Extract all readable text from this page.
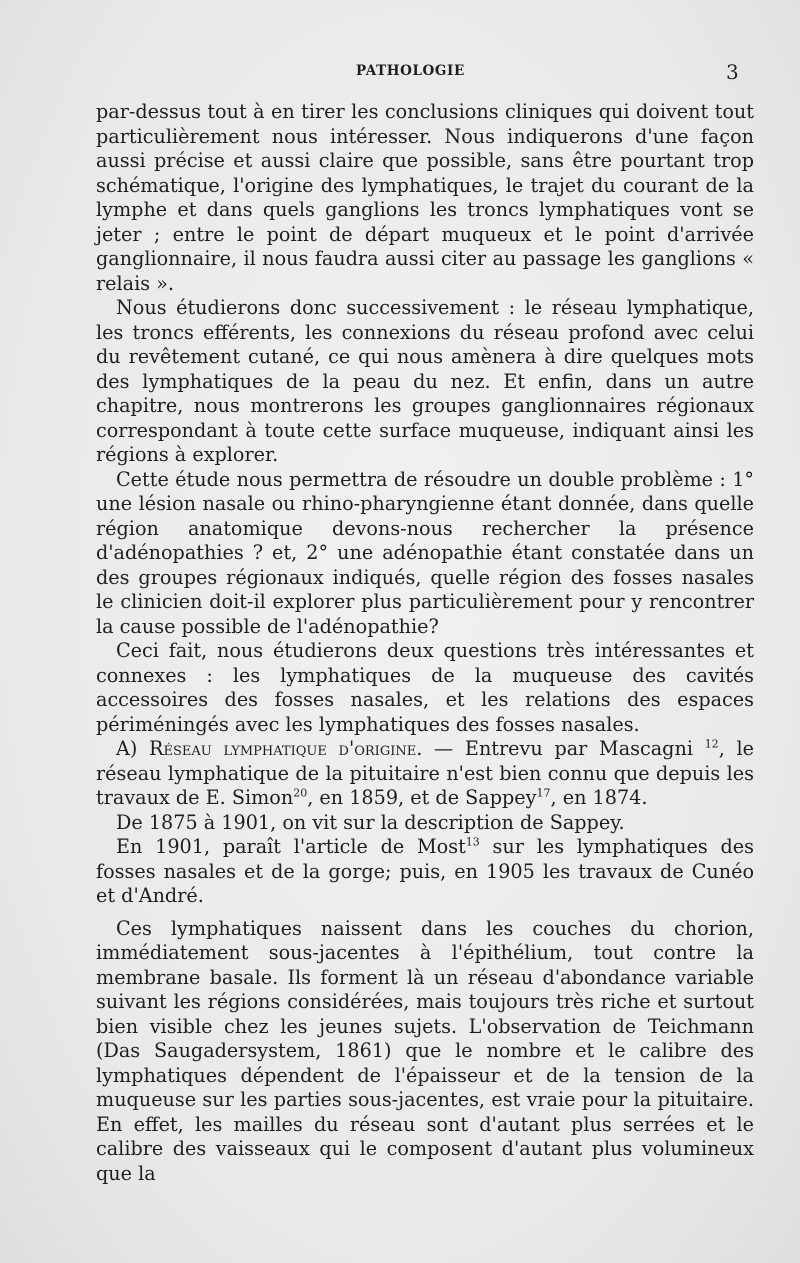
PATHOLOGIE	3

par-dessus tout à en tirer les conclusions cliniques qui doivent tout particulièrement nous intéresser. Nous indiquerons d'une façon aussi précise et aussi claire que possible, sans être pourtant trop schématique, l'origine des lymphatiques, le trajet du courant de la lymphe et dans quels ganglions les troncs lymphatiques vont se jeter ; entre le point de départ muqueux et le point d'arrivée ganglionnaire, il nous faudra aussi citer au passage les ganglions « relais ».

Nous étudierons donc successivement : le réseau lymphatique, les troncs efférents, les connexions du réseau profond avec celui du revêtement cutané, ce qui nous amènera à dire quelques mots des lymphatiques de la peau du nez. Et enfin, dans un autre chapitre, nous montrerons les groupes ganglionnaires régionaux correspondant à toute cette surface muqueuse, indiquant ainsi les régions à explorer.

Cette étude nous permettra de résoudre un double problème : 1° une lésion nasale ou rhino-pharyngienne étant donnée, dans quelle région anatomique devons-nous rechercher la présence d'adénopathies ? et, 2° une adénopathie étant constatée dans un des groupes régionaux indiqués, quelle région des fosses nasales le clinicien doit-il explorer plus particulièrement pour y rencontrer la cause possible de l'adénopathie?

Ceci fait, nous étudierons deux questions très intéressantes et connexes : les lymphatiques de la muqueuse des cavités accessoires des fosses nasales, et les relations des espaces périméningés avec les lymphatiques des fosses nasales.

A) Réseau lymphatique d'origine. — Entrevu par Mascagni $^{12}$, le réseau lymphatique de la pituitaire n'est bien connu que depuis les travaux de E. Simon$^{20}$, en 1859, et de Sappey$^{17}$, en 1874.

De 1875 à 1901, on vit sur la description de Sappey.

En 1901, paraît l'article de Most$^{13}$ sur les lymphatiques des fosses nasales et de la gorge; puis, en 1905 les travaux de Cunéo et d'André.

Ces lymphatiques naissent dans les couches du chorion, immédiatement sous-jacentes à l'épithélium, tout contre la membrane basale. Ils forment là un réseau d'abondance variable suivant les régions considérées, mais toujours très riche et surtout bien visible chez les jeunes sujets. L'observation de Teichmann (Das Saugadersystem, 1861) que le nombre et le calibre des lymphatiques dépendent de l'épaisseur et de la tension de la muqueuse sur les parties sous-jacentes, est vraie pour la pituitaire. En effet, les mailles du réseau sont d'autant plus serrées et le calibre des vaisseaux qui le composent d'autant plus volumineux que la
